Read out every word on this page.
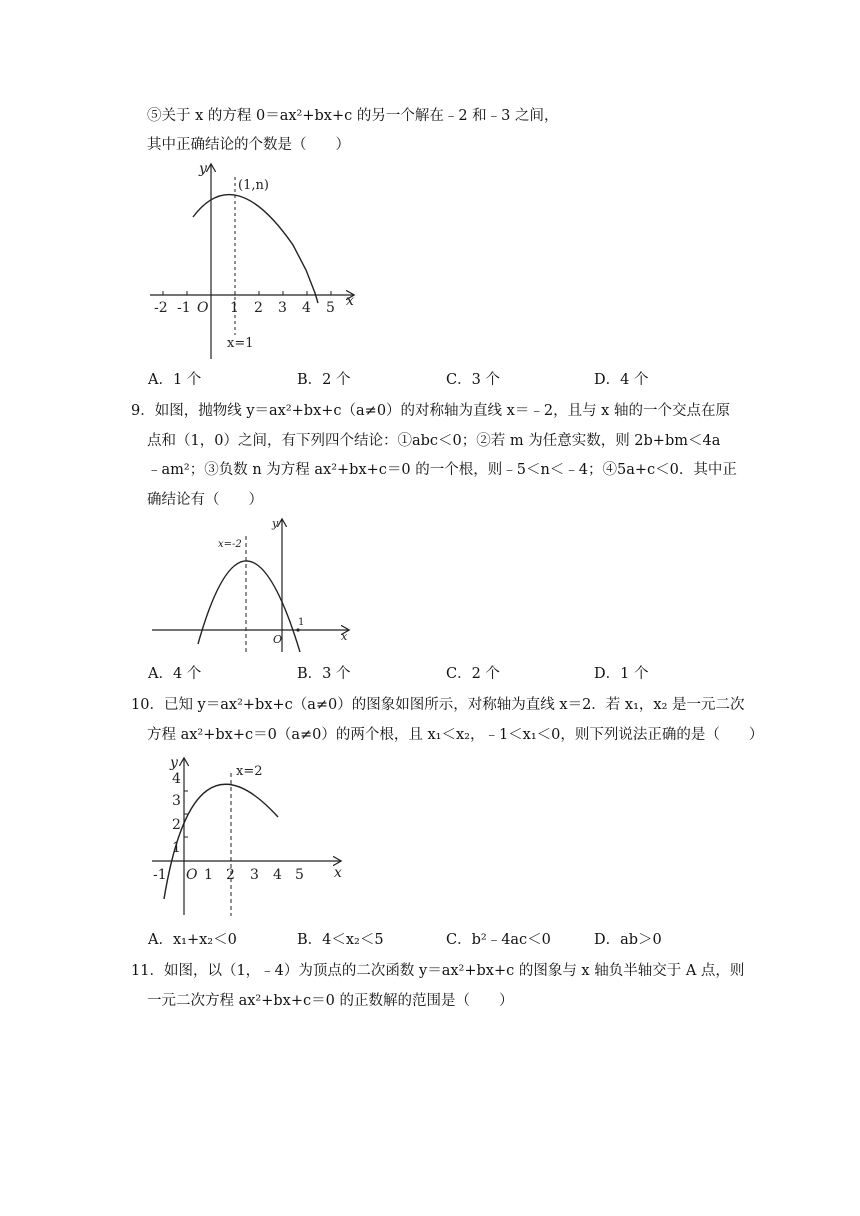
⑤关于 x 的方程 0＝ax²+bx+c 的另一个解在﹣2 和﹣3 之间，
其中正确结论的个数是（　　）
-2 -1 O 1 2 3 4 5 x
y
(1,n)
x=1
A．1 个	B．2 个	C．3 个	D．4 个
9．如图，抛物线 y＝ax²+bx+c（a≠0）的对称轴为直线 x＝﹣2，且与 x 轴的一个交点在原
点和（1，0）之间，有下列四个结论：①abc＜0；②若 m 为任意实数，则 2b+bm＜4a
﹣am²；③负数 n 为方程 ax²+bx+c＝0 的一个根，则﹣5＜n＜﹣4；④5a+c＜0．其中正
确结论有（　　）
x=-2
O
1
x
y
A．4 个	B．3 个	C．2 个	D．1 个
10．已知 y＝ax²+bx+c（a≠0）的图象如图所示，对称轴为直线 x＝2．若 x₁，x₂ 是一元二次
方程 ax²+bx+c＝0（a≠0）的两个根，且 x₁＜x₂，﹣1＜x₁＜0，则下列说法正确的是（　　）
-1 O 1 2 3 4 5
1
2
3
4
x
y
x=2
A．x₁+x₂＜0	B．4＜x₂＜5	C．b²﹣4ac＜0	D．ab＞0
11．如图，以（1，﹣4）为顶点的二次函数 y＝ax²+bx+c 的图象与 x 轴负半轴交于 A 点，则
一元二次方程 ax²+bx+c＝0 的正数解的范围是（　　）
